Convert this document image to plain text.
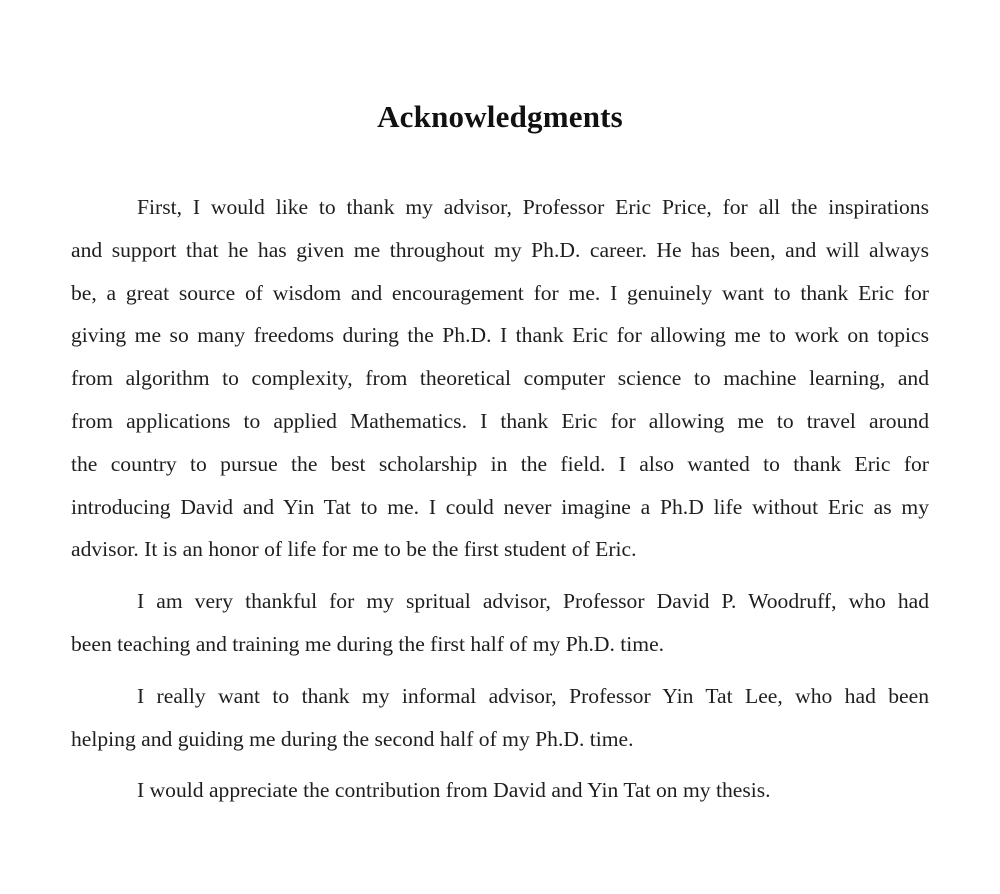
Acknowledgments
First, I would like to thank my advisor, Professor Eric Price, for all the inspirations
and support that he has given me throughout my Ph.D. career. He has been, and will always
be, a great source of wisdom and encouragement for me. I genuinely want to thank Eric for
giving me so many freedoms during the Ph.D. I thank Eric for allowing me to work on topics
from algorithm to complexity, from theoretical computer science to machine learning, and
from applications to applied Mathematics. I thank Eric for allowing me to travel around
the country to pursue the best scholarship in the field. I also wanted to thank Eric for
introducing David and Yin Tat to me. I could never imagine a Ph.D life without Eric as my
advisor. It is an honor of life for me to be the first student of Eric.
I am very thankful for my spritual advisor, Professor David P. Woodruff, who had
been teaching and training me during the first half of my Ph.D. time.
I really want to thank my informal advisor, Professor Yin Tat Lee, who had been
helping and guiding me during the second half of my Ph.D. time.
I would appreciate the contribution from David and Yin Tat on my thesis.
